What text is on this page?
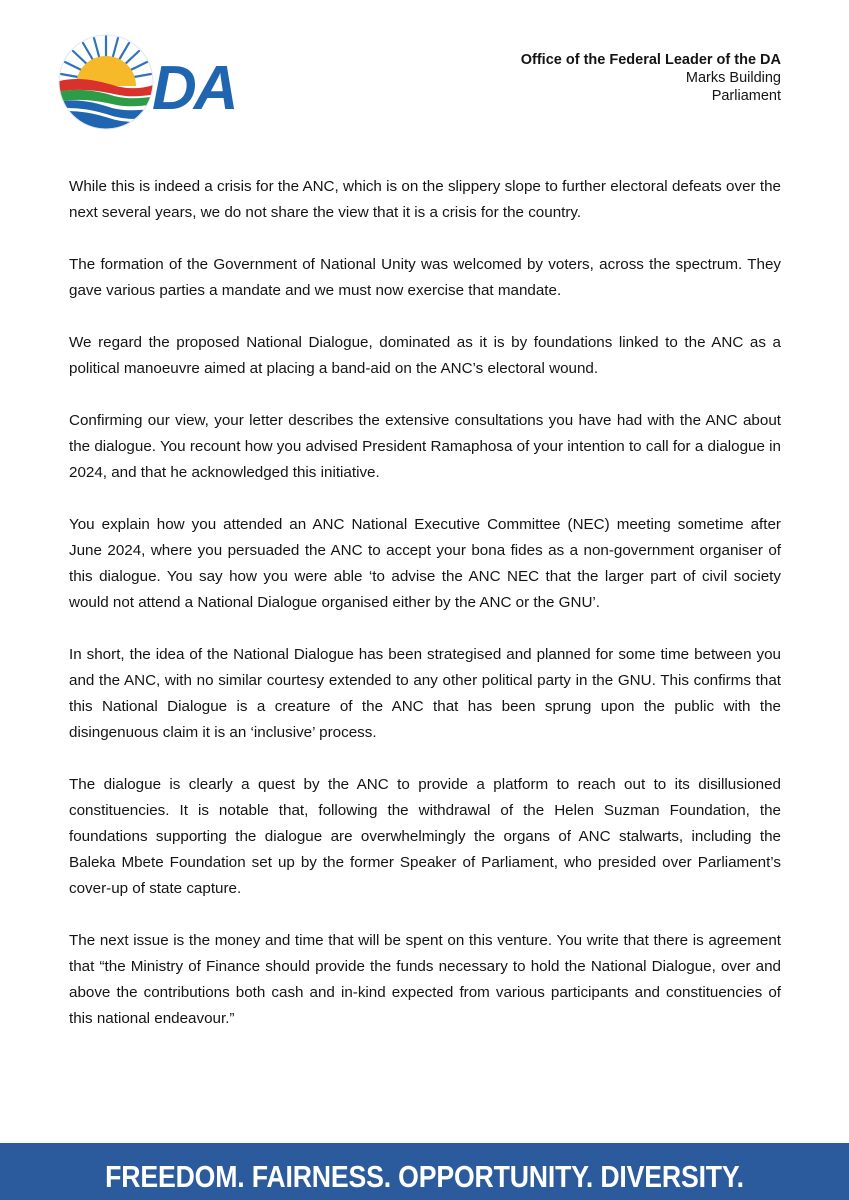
DA	Office of the Federal Leader of the DA
Marks Building
Parliament

While this is indeed a crisis for the ANC, which is on the slippery slope to further electoral defeats over the next several years, we do not share the view that it is a crisis for the country.

The formation of the Government of National Unity was welcomed by voters, across the spectrum. They gave various parties a mandate and we must now exercise that mandate.

We regard the proposed National Dialogue, dominated as it is by foundations linked to the ANC as a political manoeuvre aimed at placing a band-aid on the ANC’s electoral wound.

Confirming our view, your letter describes the extensive consultations you have had with the ANC about the dialogue. You recount how you advised President Ramaphosa of your intention to call for a dialogue in 2024, and that he acknowledged this initiative.

You explain how you attended an ANC National Executive Committee (NEC) meeting sometime after June 2024, where you persuaded the ANC to accept your bona fides as a non-government organiser of this dialogue. You say how you were able ‘to advise the ANC NEC that the larger part of civil society would not attend a National Dialogue organised either by the ANC or the GNU’.

In short, the idea of the National Dialogue has been strategised and planned for some time between you and the ANC, with no similar courtesy extended to any other political party in the GNU. This confirms that this National Dialogue is a creature of the ANC that has been sprung upon the public with the disingenuous claim it is an ‘inclusive’ process.

The dialogue is clearly a quest by the ANC to provide a platform to reach out to its disillusioned constituencies. It is notable that, following the withdrawal of the Helen Suzman Foundation, the foundations supporting the dialogue are overwhelmingly the organs of ANC stalwarts, including the Baleka Mbete Foundation set up by the former Speaker of Parliament, who presided over Parliament’s cover-up of state capture.

The next issue is the money and time that will be spent on this venture. You write that there is agreement that “the Ministry of Finance should provide the funds necessary to hold the National Dialogue, over and above the contributions both cash and in-kind expected from various participants and constituencies of this national endeavour.”

FREEDOM. FAIRNESS. OPPORTUNITY. DIVERSITY.
